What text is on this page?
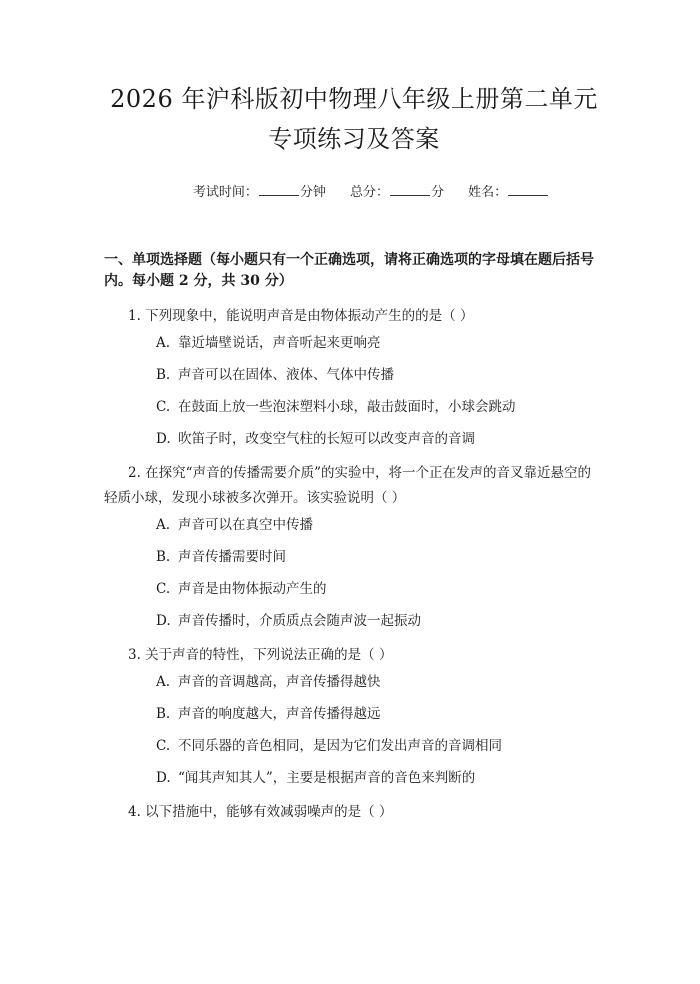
2026 年沪科版初中物理八年级上册第二单元
专项练习及答案
考试时间：	分钟 总分：	分 姓名：
一、单项选择题（每小题只有一个正确选项，请将正确选项的字母填在题后括号内。每小题 2 分，共 30 分）
1. 下列现象中，能说明声音是由物体振动产生的的是（ ）
A. 靠近墙壁说话，声音听起来更响亮
B. 声音可以在固体、液体、气体中传播
C. 在鼓面上放一些泡沫塑料小球，敲击鼓面时，小球会跳动
D. 吹笛子时，改变空气柱的长短可以改变声音的音调
2. 在探究“声音的传播需要介质”的实验中，将一个正在发声的音叉靠近悬空的轻质小球，发现小球被多次弹开。该实验说明（ ）
A. 声音可以在真空中传播
B. 声音传播需要时间
C. 声音是由物体振动产生的
D. 声音传播时，介质质点会随声波一起振动
3. 关于声音的特性，下列说法正确的是（ ）
A. 声音的音调越高，声音传播得越快
B. 声音的响度越大，声音传播得越远
C. 不同乐器的音色相同，是因为它们发出声音的音调相同
D. “闻其声知其人”，主要是根据声音的音色来判断的
4. 以下措施中，能够有效减弱噪声的是（ ）
